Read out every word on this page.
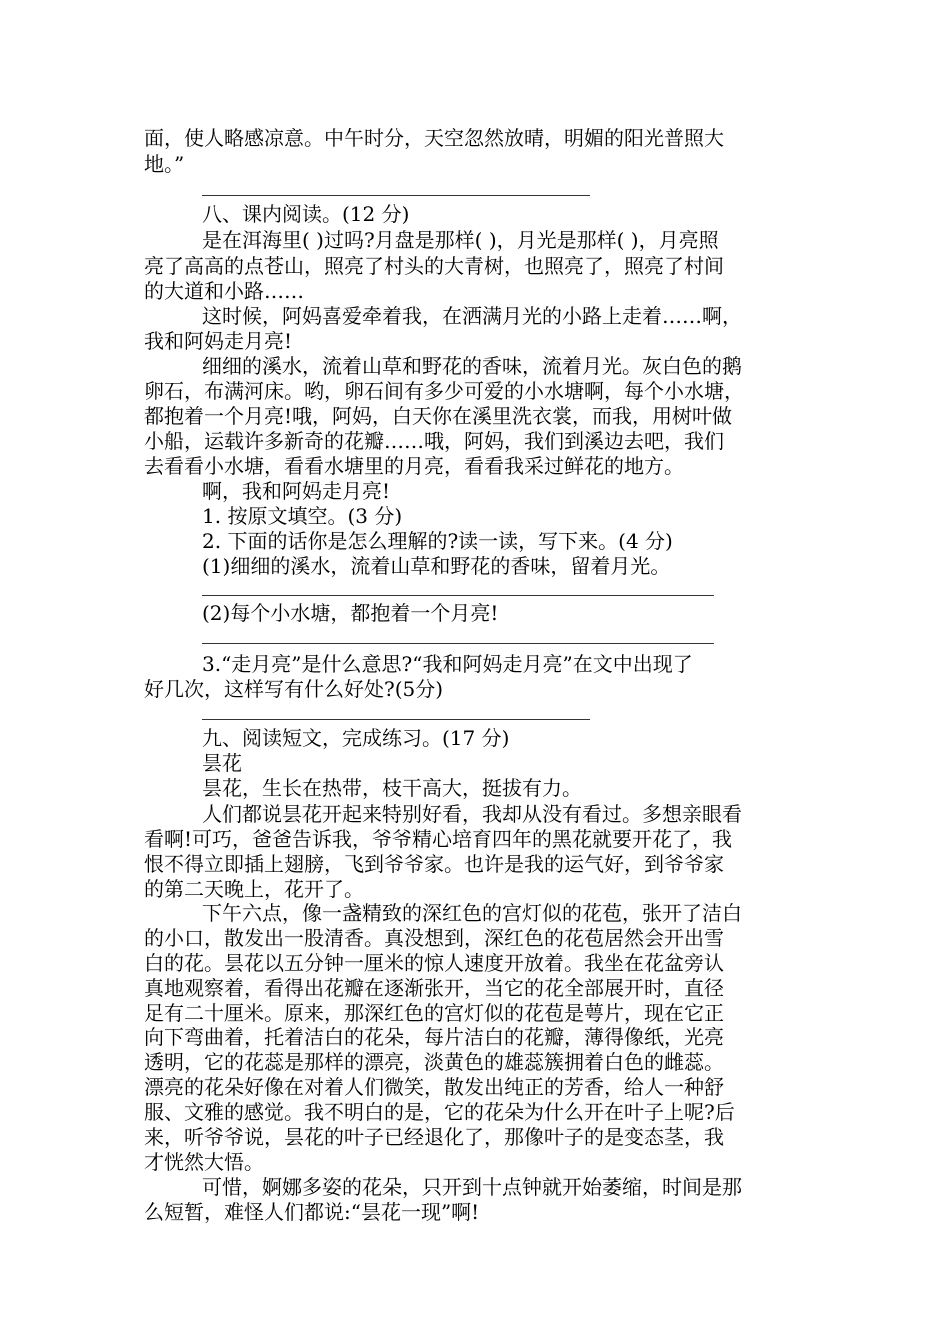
面，使人略感凉意。中午时分，天空忽然放晴，明媚的阳光普照大
地。”
八、课内阅读。(12 分)
是在洱海里( )过吗?月盘是那样( )，月光是那样( )，月亮照
亮了高高的点苍山，照亮了村头的大青树，也照亮了，照亮了村间
的大道和小路……
这时候，阿妈喜爱牵着我，在洒满月光的小路上走着……啊，
我和阿妈走月亮!
细细的溪水，流着山草和野花的香味，流着月光。灰白色的鹅
卵石，布满河床。哟，卵石间有多少可爱的小水塘啊，每个小水塘，
都抱着一个月亮!哦，阿妈，白天你在溪里洗衣裳，而我，用树叶做
小船，运载许多新奇的花瓣……哦，阿妈，我们到溪边去吧，我们
去看看小水塘，看看水塘里的月亮，看看我采过鲜花的地方。
啊，我和阿妈走月亮!
1. 按原文填空。(3 分)
2. 下面的话你是怎么理解的?读一读，写下来。(4 分)
(1)细细的溪水，流着山草和野花的香味，留着月光。
(2)每个小水塘，都抱着一个月亮!
3.“走月亮”是什么意思?“我和阿妈走月亮”在文中出现了
好几次，这样写有什么好处?(5分)
九、阅读短文，完成练习。(17 分)
昙花
昙花，生长在热带，枝干高大，挺拔有力。
人们都说昙花开起来特别好看，我却从没有看过。多想亲眼看
看啊!可巧，爸爸告诉我，爷爷精心培育四年的黑花就要开花了，我
恨不得立即插上翅膀，飞到爷爷家。也许是我的运气好，到爷爷家
的第二天晚上，花开了。
下午六点，像一盏精致的深红色的宫灯似的花苞，张开了洁白
的小口，散发出一股清香。真没想到，深红色的花苞居然会开出雪
白的花。昙花以五分钟一厘米的惊人速度开放着。我坐在花盆旁认
真地观察着，看得出花瓣在逐渐张开，当它的花全部展开时，直径
足有二十厘米。原来，那深红色的宫灯似的花苞是萼片，现在它正
向下弯曲着，托着洁白的花朵，每片洁白的花瓣，薄得像纸，光亮
透明，它的花蕊是那样的漂亮，淡黄色的雄蕊簇拥着白色的雌蕊。
漂亮的花朵好像在对着人们微笑，散发出纯正的芳香，给人一种舒
服、文雅的感觉。我不明白的是，它的花朵为什么开在叶子上呢?后
来，听爷爷说，昙花的叶子已经退化了，那像叶子的是变态茎，我
才恍然大悟。
可惜，婀娜多姿的花朵，只开到十点钟就开始萎缩，时间是那
么短暂，难怪人们都说:“昙花一现”啊!
